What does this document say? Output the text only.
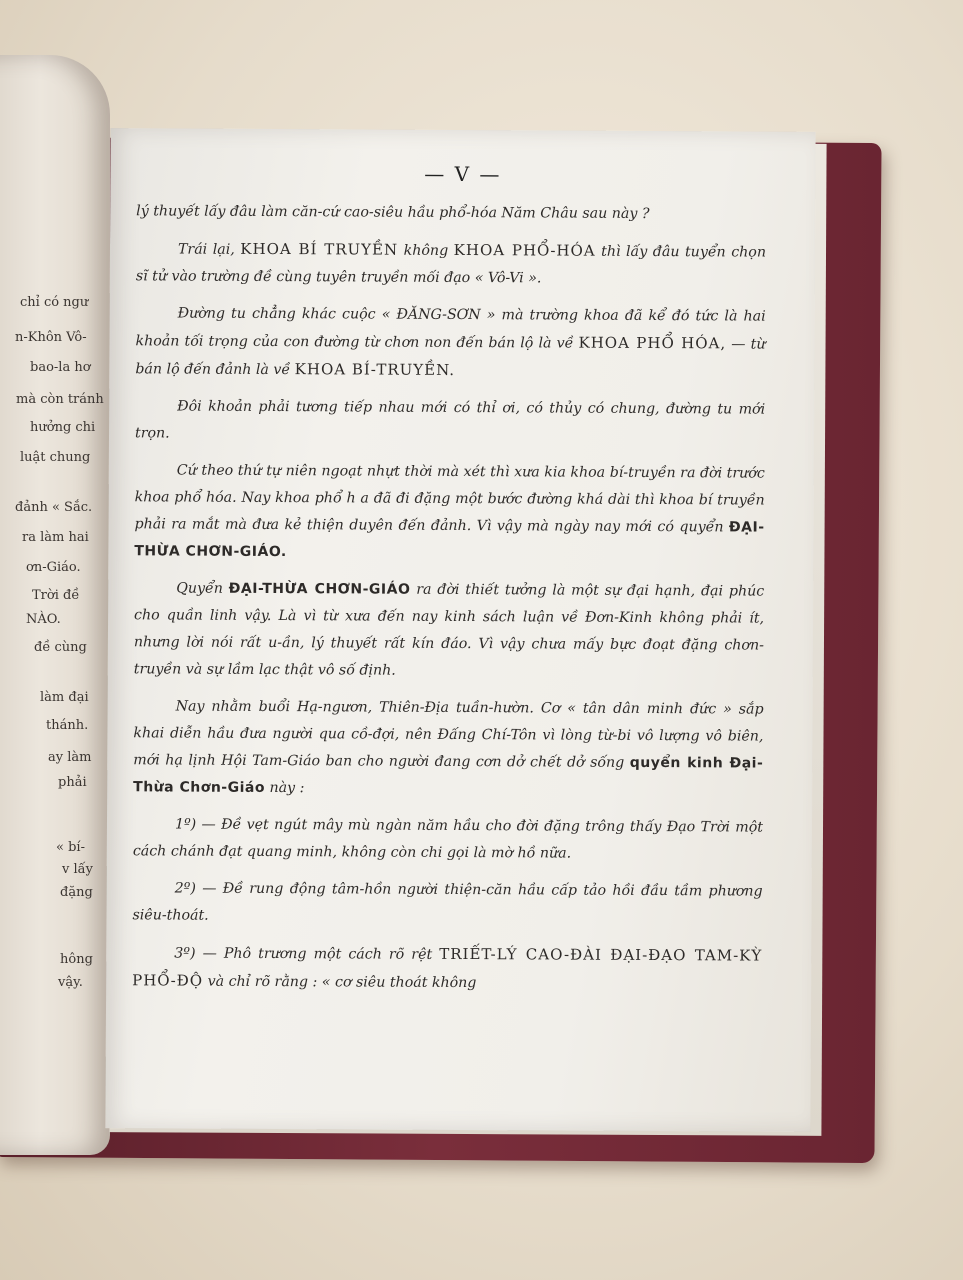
chỉ có ngư
n-Khôn Vô-
bao-la hơ
mà còn tránh
hưởng chi
luật chung
đảnh « Sắc.
ra làm hai
ơn-Giáo.
Trời đề
NÀO.
đề cùng
làm đại
thánh.
ay làm
phải
« bí-
v lấy
đặng
hông
vậy.
— V —

lý thuyết lấy đâu làm căn-cứ cao-siêu hầu phổ-hóa Năm Châu sau này ?

Trái lại, KHOA BÍ TRUYỀN không KHOA PHỔ-HÓA thì lấy đâu tuyển chọn sĩ tử vào trường đề cùng tuyên truyền mối đạo « Vô-Vi ».

Đường tu chẳng khác cuộc « ĐĂNG-SƠN » mà trường khoa đã kể đó tức là hai khoản tối trọng của con đường từ chơn non đến bán lộ là về KHOA PHỔ HÓA, — từ bán lộ đến đảnh là về KHOA BÍ-TRUYỀN.

Đôi khoản phải tương tiếp nhau mới có thỉ ơi, có thủy có chung, đường tu mới trọn.

Cứ theo thứ tự niên ngoạt nhựt thời mà xét thì xưa kia khoa bí-truyền ra đời trước khoa phổ hóa. Nay khoa phổ h a đã đi đặng một bước đường khá dài thì khoa bí truyền phải ra mắt mà đưa kẻ thiện duyên đến đảnh. Vì vậy mà ngày nay mới có quyển ĐẠI-THỪA CHƠN-GIÁO.

Quyển ĐẠI-THỪA CHƠN-GIÁO ra đời thiết tưởng là một sự đại hạnh, đại phúc cho quần linh vậy. Là vì từ xưa đến nay kinh sách luận về Đơn-Kinh không phải ít, nhưng lời nói rất u-ần, lý thuyết rất kín đáo. Vì vậy chưa mấy bực đoạt đặng chơn-truyền và sự lầm lạc thật vô số định.

Nay nhằm buổi Hạ-ngươn, Thiên-Địa tuần-hườn. Cơ « tân dân minh đức » sắp khai diễn hầu đưa người qua cồ-đợi, nên Đấng Chí-Tôn vì lòng từ-bi vô lượng vô biên, mới hạ lịnh Hội Tam-Giáo ban cho người đang cơn dở chết dở sống quyển kinh Đại-Thừa Chơn-Giáo này :

1º) — Đề vẹt ngút mây mù ngàn năm hầu cho đời đặng trông thấy Đạo Trời một cách chánh đạt quang minh, không còn chi gọi là mờ hồ nữa.

2º) — Đề rung động tâm-hồn người thiện-căn hầu cấp tảo hồi đầu tầm phương siêu-thoát.

3º) — Phô trương một cách rõ rệt TRIẾT-LÝ CAO-ĐÀI ĐẠI-ĐẠO TAM-KỲ PHỔ-ĐỘ và chỉ rõ rằng : « cơ siêu thoát không
